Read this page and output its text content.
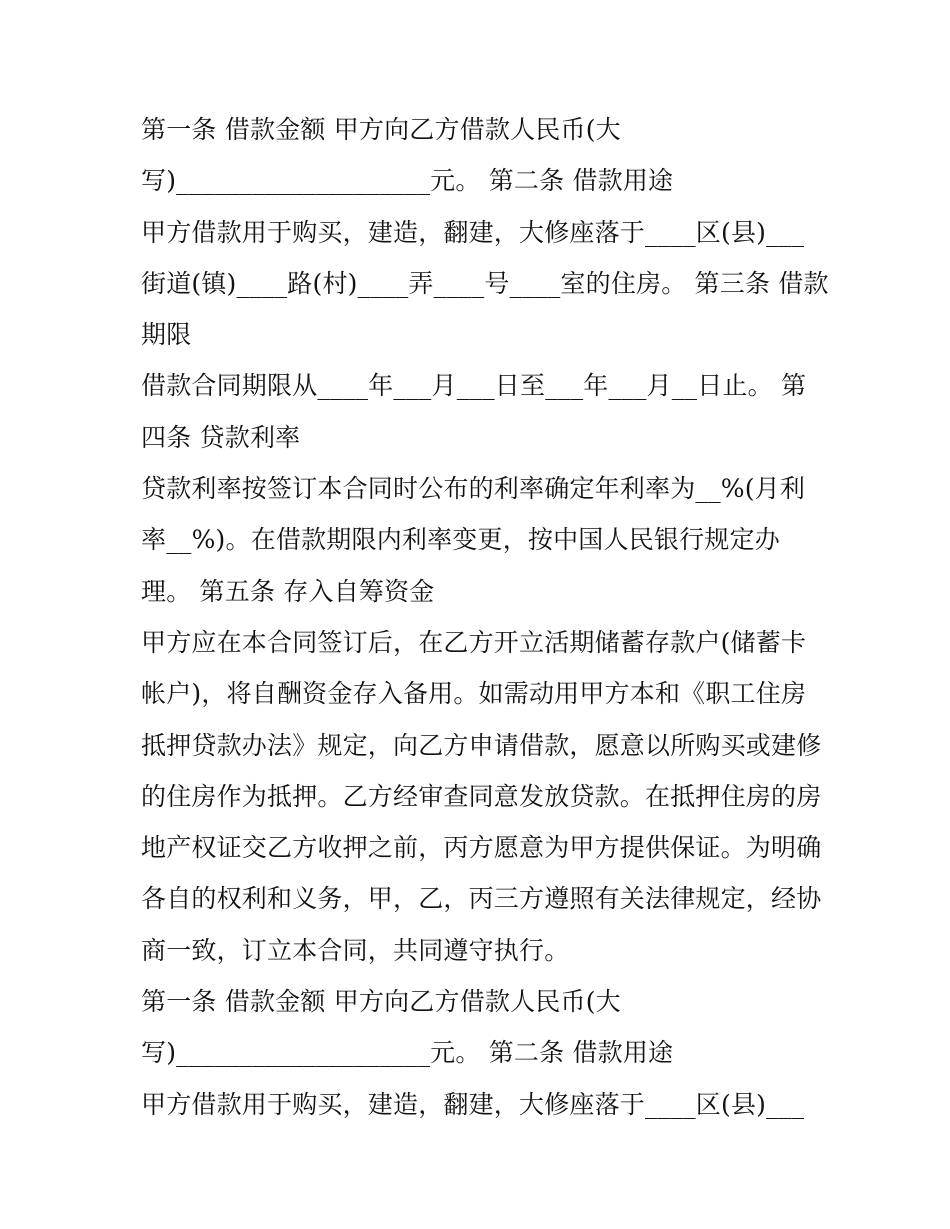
第一条 借款金额 甲方向乙方借款人民币(大
写)____________________元。 第二条 借款用途
甲方借款用于购买，建造，翻建，大修座落于____区(县)___
街道(镇)____路(村)____弄____号____室的住房。 第三条 借款
期限
借款合同期限从____年___月___日至___年___月__日止。 第
四条 贷款利率
贷款利率按签订本合同时公布的利率确定年利率为__%(月利
率__%)。在借款期限内利率变更，按中国人民银行规定办
理。 第五条 存入自筹资金
甲方应在本合同签订后，在乙方开立活期储蓄存款户(储蓄卡
帐户)，将自酬资金存入备用。如需动用甲方本和《职工住房
抵押贷款办法》规定，向乙方申请借款，愿意以所购买或建修
的住房作为抵押。乙方经审查同意发放贷款。在抵押住房的房
地产权证交乙方收押之前，丙方愿意为甲方提供保证。为明确
各自的权利和义务，甲，乙，丙三方遵照有关法律规定，经协
商一致，订立本合同，共同遵守执行。
第一条 借款金额 甲方向乙方借款人民币(大
写)____________________元。 第二条 借款用途
甲方借款用于购买，建造，翻建，大修座落于____区(县)___
